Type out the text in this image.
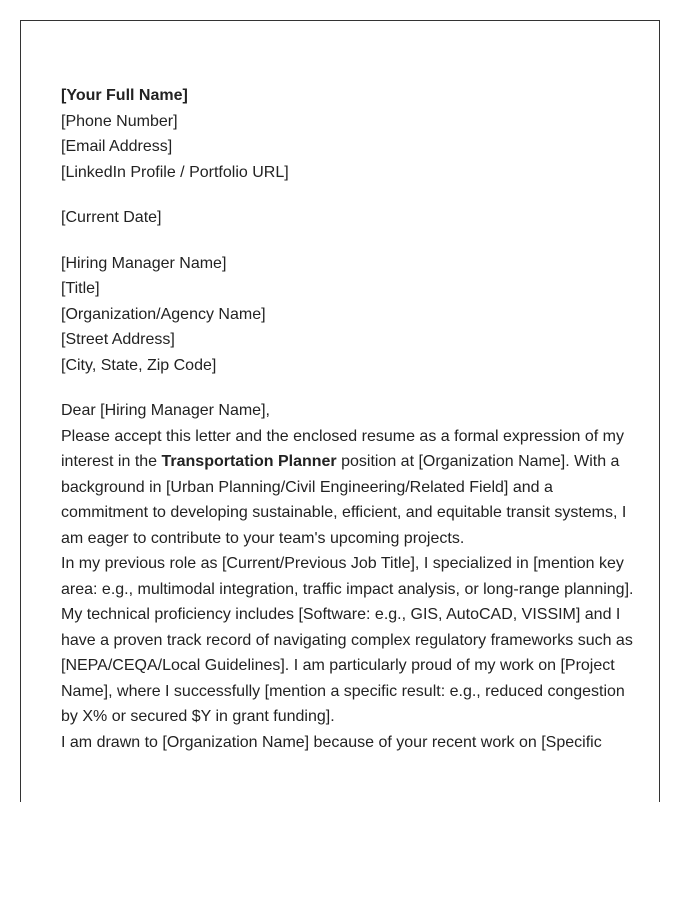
[Your Full Name]
[Phone Number]
[Email Address]
[LinkedIn Profile / Portfolio URL]
[Current Date]
[Hiring Manager Name]
[Title]
[Organization/Agency Name]
[Street Address]
[City, State, Zip Code]
Dear [Hiring Manager Name],

Please accept this letter and the enclosed resume as a formal expression of my interest in the Transportation Planner position at [Organization Name]. With a background in [Urban Planning/Civil Engineering/Related Field] and a commitment to developing sustainable, efficient, and equitable transit systems, I am eager to contribute to your team's upcoming projects.

In my previous role as [Current/Previous Job Title], I specialized in [mention key area: e.g., multimodal integration, traffic impact analysis, or long-range planning]. My technical proficiency includes [Software: e.g., GIS, AutoCAD, VISSIM] and I have a proven track record of navigating complex regulatory frameworks such as [NEPA/CEQA/Local Guidelines]. I am particularly proud of my work on [Project Name], where I successfully [mention a specific result: e.g., reduced congestion by X% or secured $Y in grant funding].

I am drawn to [Organization Name] because of your recent work on [Specific
